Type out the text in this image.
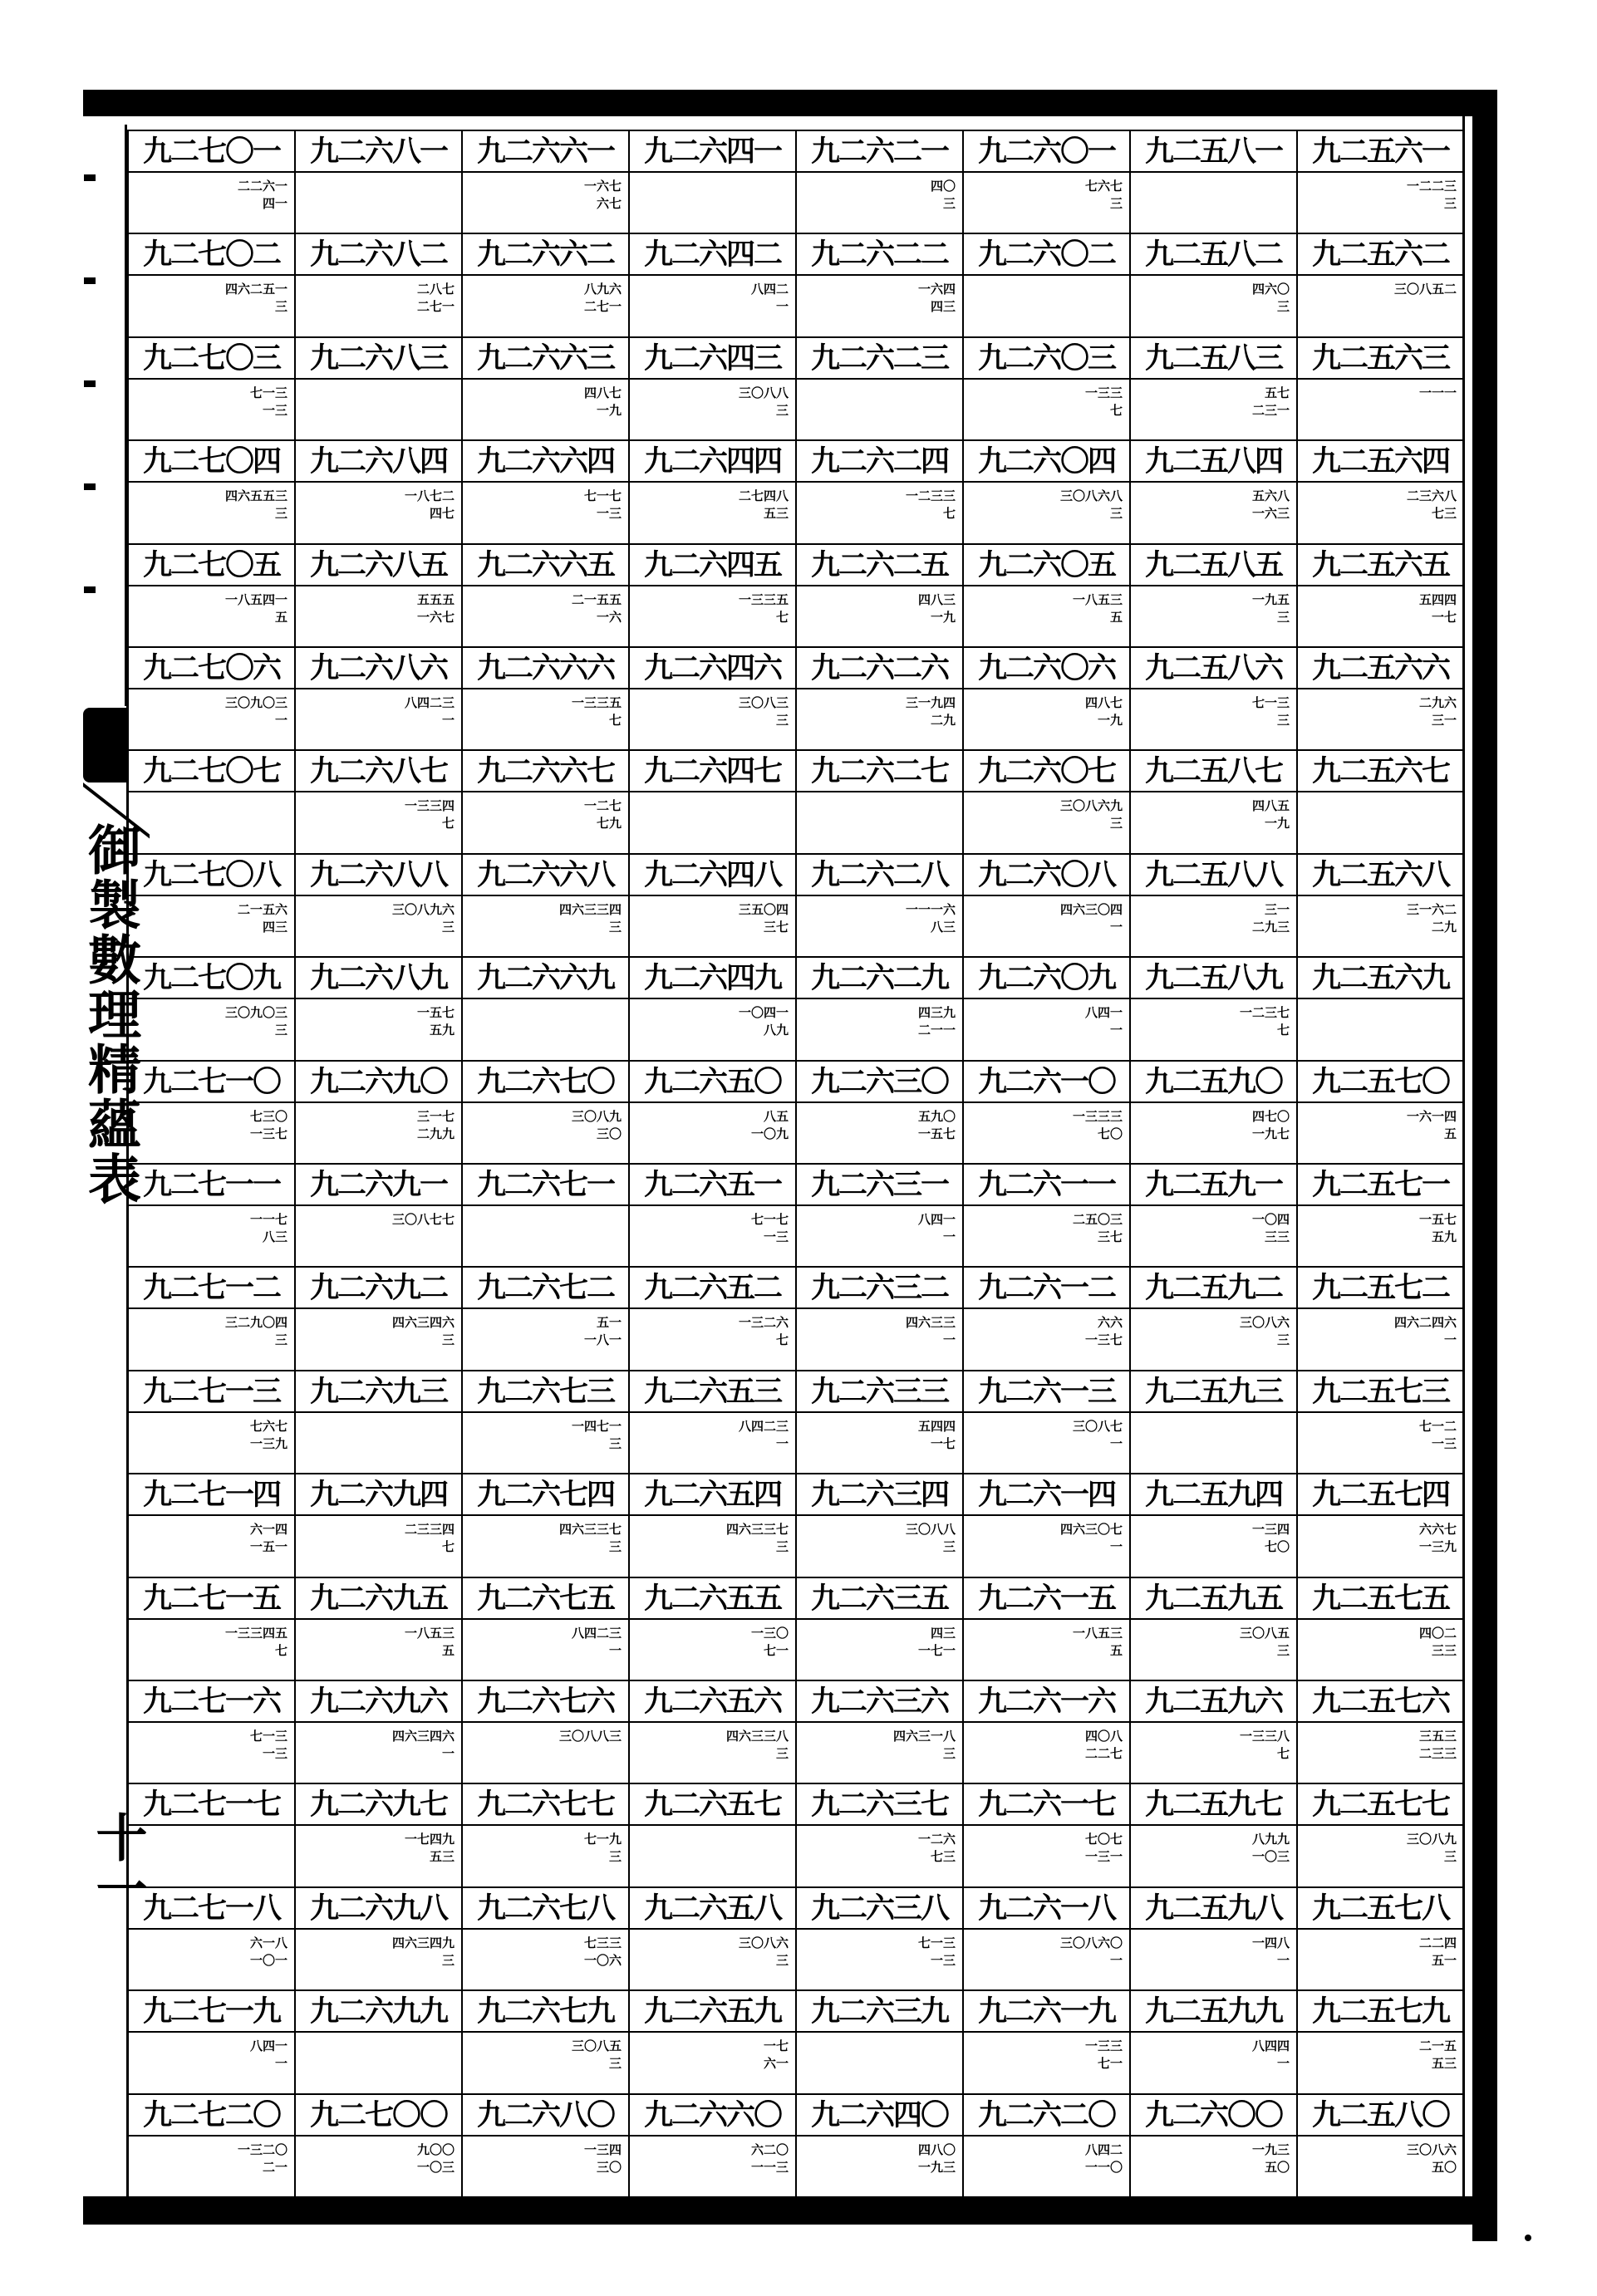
御製數理精蘊表
十一
九二七〇一
二二六一
四一
九二七〇二
四六二五一
三
九二七〇三
七一三
一三
九二七〇四
四六五五三
三
九二七〇五
一八五四一
五
九二七〇六
三〇九〇三
一
九二七〇七
九二七〇八
二一五六
四三
九二七〇九
三〇九〇三
三
九二七一〇
七三〇
一三七
九二七一一
一一七
八三
九二七一二
三二九〇四
三
九二七一三
七六七
一三九
九二七一四
六一四
一五一
九二七一五
一三三四五
七
九二七一六
七一三
一三
九二七一七
九二七一八
六一八
一〇一
九二七一九
八四一
一
九二七二〇
一三二〇
二一
九二六八一
九二六八二
二八七
二七一
九二六八三
九二六八四
一八七二
四七
九二六八五
五五五
一六七
九二六八六
八四二三
一
九二六八七
一三三四
七
九二六八八
三〇八九六
三
九二六八九
一五七
五九
九二六九〇
三一七
二九九
九二六九一
三〇八七七
九二六九二
四六三四六
三
九二六九三
九二六九四
二三三四
七
九二六九五
一八五三
五
九二六九六
四六三四六
一
九二六九七
一七四九
五三
九二六九八
四六三四九
三
九二六九九
九二七〇〇
九〇〇
一〇三
九二六六一
一六七
六七
九二六六二
八九六
二七一
九二六六三
四八七
一九
九二六六四
七一七
一三
九二六六五
二一五五
一六
九二六六六
一三三五
七
九二六六七
一二七
七九
九二六六八
四六三三四
三
九二六六九
九二六七〇
三〇八九
三〇
九二六七一
九二六七二
五一
一八一
九二六七三
一四七一
三
九二六七四
四六三三七
三
九二六七五
八四二三
一
九二六七六
三〇八八三
九二六七七
七一九
三
九二六七八
七三三
一〇六
九二六七九
三〇八五
三
九二六八〇
一三四
三〇
九二六四一
九二六四二
八四二
一
九二六四三
三〇八八
三
九二六四四
二七四八
五三
九二六四五
一三三五
七
九二六四六
三〇八三
三
九二六四七
九二六四八
三五〇四
三七
九二六四九
一〇四一
八九
九二六五〇
八五
一〇九
九二六五一
七一七
一三
九二六五二
一三二六
七
九二六五三
八四二三
一
九二六五四
四六三三七
三
九二六五五
一三〇
七一
九二六五六
四六三三八
三
九二六五七
九二六五八
三〇八六
三
九二六五九
一七
六一
九二六六〇
六二〇
一一三
九二六二一
四〇
三
九二六二二
一六四
四三
九二六二三
九二六二四
一二三三
七
九二六二五
四八三
一九
九二六二六
三一九四
二九
九二六二七
九二六二八
一一一六
八三
九二六二九
四三九
二一一
九二六三〇
五九〇
一五七
九二六三一
八四一
一
九二六三二
四六三三
一
九二六三三
五四四
一七
九二六三四
三〇八八
三
九二六三五
四三
一七一
九二六三六
四六三一八
三
九二六三七
一二六
七三
九二六三八
七一三
一三
九二六三九
九二六四〇
四八〇
一九三
九二六〇一
七六七
三
九二六〇二
九二六〇三
一三三
七
九二六〇四
三〇八六八
三
九二六〇五
一八五三
五
九二六〇六
四八七
一九
九二六〇七
三〇八六九
三
九二六〇八
四六三〇四
一
九二六〇九
八四一
一
九二六一〇
一三三三
七〇
九二六一一
二五〇三
三七
九二六一二
六六
一三七
九二六一三
三〇八七
一
九二六一四
四六三〇七
一
九二六一五
一八五三
五
九二六一六
四〇八
二二七
九二六一七
七〇七
一三一
九二六一八
三〇八六〇
一
九二六一九
一三三
七一
九二六二〇
八四二
一一〇
九二五八一
九二五八二
四六〇
三
九二五八三
五七
二三一
九二五八四
五六八
一六三
九二五八五
一九五
三
九二五八六
七一三
三
九二五八七
四八五
一九
九二五八八
三一
二九三
九二五八九
一二三七
七
九二五九〇
四七〇
一九七
九二五九一
一〇四
三三
九二五九二
三〇八六
三
九二五九三
九二五九四
一三四
七〇
九二五九五
三〇八五
三
九二五九六
一三三八
七
九二五九七
八九九
一〇三
九二五九八
一四八
一
九二五九九
八四四
一
九二六〇〇
一九三
五〇
九二五六一
一二二三
三
九二五六二
三〇八五二
九二五六三
一一一
九二五六四
二三六八
七三
九二五六五
五四四
一七
九二五六六
二九六
三一
九二五六七
九二五六八
三一六二
二九
九二五六九
九二五七〇
一六一四
五
九二五七一
一五七
五九
九二五七二
四六二四六
一
九二五七三
七一二
一三
九二五七四
六六七
一三九
九二五七五
四〇二
三三
九二五七六
三五三
二三三
九二五七七
三〇八九
三
九二五七八
二二四
五一
九二五七九
二一五
五三
九二五八〇
三〇八六
五〇
